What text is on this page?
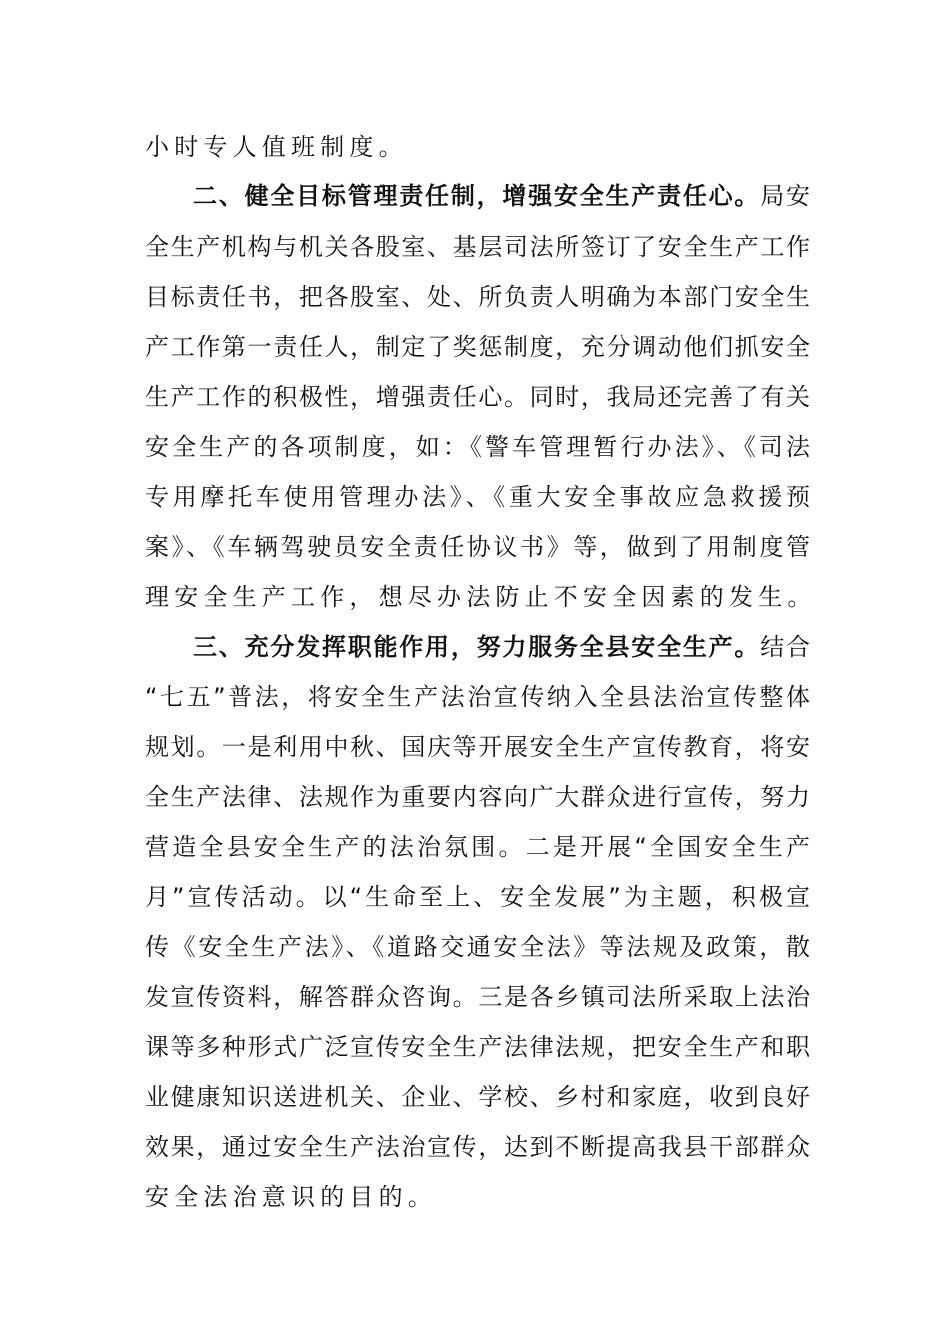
小时专人值班制度。

二、健全目标管理责任制，增强安全生产责任心。局安

全生产机构与机关各股室、基层司法所签订了安全生产工作

目标责任书，把各股室、处、所负责人明确为本部门安全生

产工作第一责任人，制定了奖惩制度，充分调动他们抓安全

生产工作的积极性，增强责任心。同时，我局还完善了有关

安全生产的各项制度，如：《警车管理暂行办法》、《司法

专用摩托车使用管理办法》、《重大安全事故应急救援预

案》、《车辆驾驶员安全责任协议书》等，做到了用制度管

理安全生产工作，想尽办法防止不安全因素的发生。

三、充分发挥职能作用，努力服务全县安全生产。结合

“七五”普法，将安全生产法治宣传纳入全县法治宣传整体

规划。一是利用中秋、国庆等开展安全生产宣传教育，将安

全生产法律、法规作为重要内容向广大群众进行宣传，努力

营造全县安全生产的法治氛围。二是开展“全国安全生产

月”宣传活动。以“生命至上、安全发展”为主题，积极宣

传《安全生产法》、《道路交通安全法》等法规及政策，散

发宣传资料，解答群众咨询。三是各乡镇司法所采取上法治

课等多种形式广泛宣传安全生产法律法规，把安全生产和职

业健康知识送进机关、企业、学校、乡村和家庭，收到良好

效果，通过安全生产法治宣传，达到不断提高我县干部群众

安全法治意识的目的。
